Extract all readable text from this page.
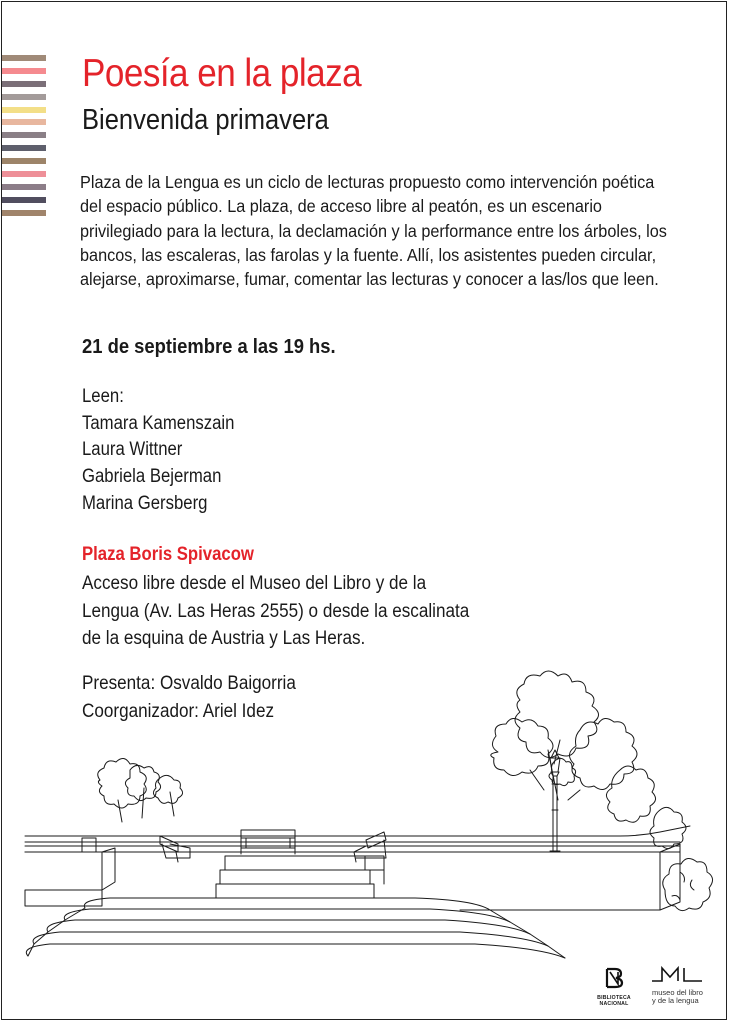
Poesía en la plaza
Bienvenida primavera

Plaza de la Lengua es un ciclo de lecturas propuesto como intervención poética
del espacio público. La plaza, de acceso libre al peatón, es un escenario
privilegiado para la lectura, la declamación y la performance entre los árboles, los
bancos, las escaleras, las farolas y la fuente. Allí, los asistentes pueden circular,
alejarse, aproximarse, fumar, comentar las lecturas y conocer a las/los que leen.

21 de septiembre a las 19 hs.

Leen:
Tamara Kamenszain
Laura Wittner
Gabriela Bejerman
Marina Gersberg

Plaza Boris Spivacow

Acceso libre desde el Museo del Libro y de la
Lengua (Av. Las Heras 2555) o desde la escalinata
de la esquina de Austria y Las Heras.
Presenta: Osvaldo Baigorria
Coorganizador: Ariel Idez
BIBLIOTECA
NACIONAL
museo del libro
y de la lengua
